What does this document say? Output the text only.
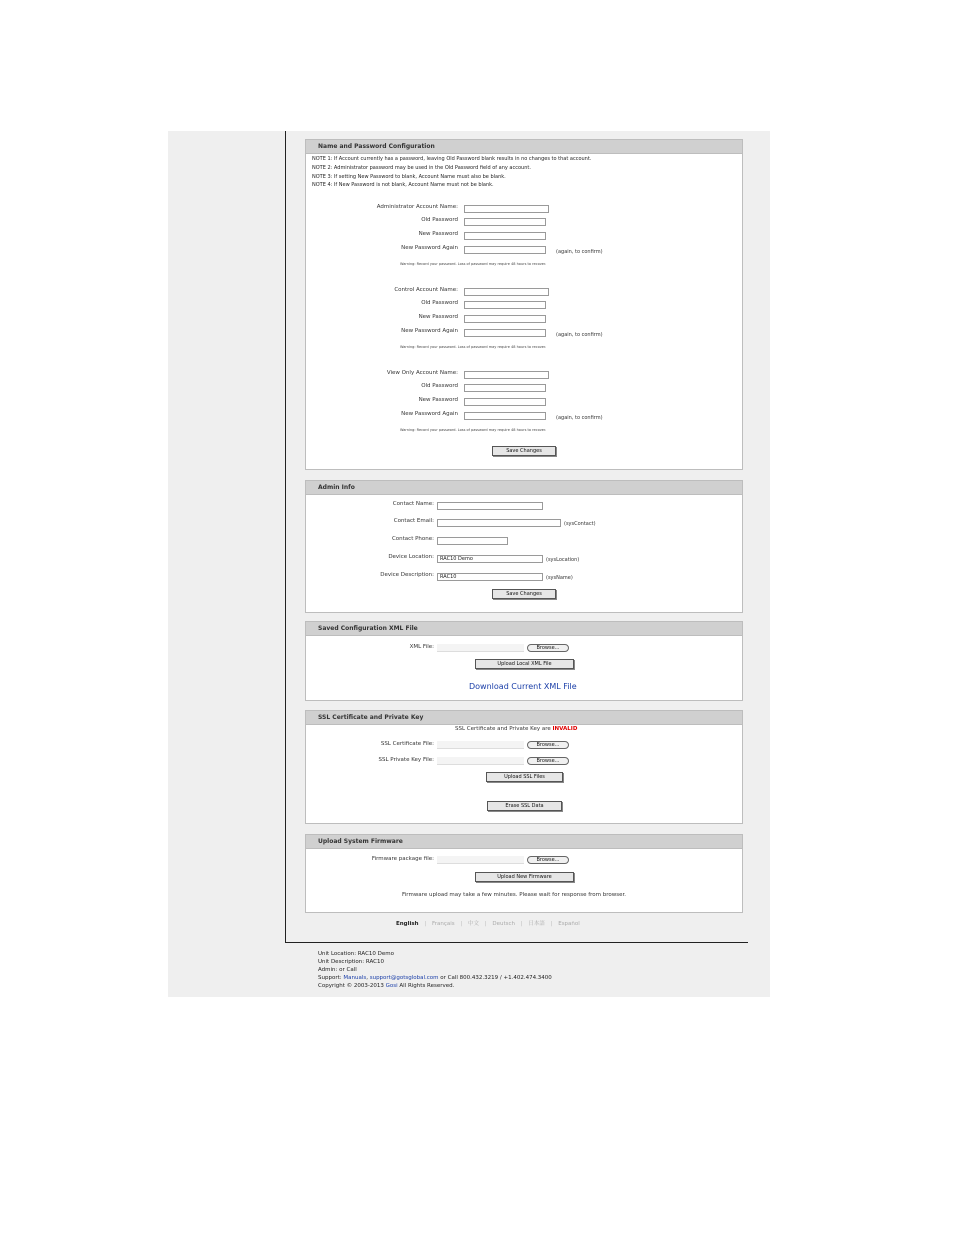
Name and Password Configuration
NOTE 1: If Account currently has a password, leaving Old Password blank results in no changes to that account.
NOTE 2: Administrator password may be used in the Old Password field of any account.
NOTE 3: If setting New Password to blank, Account Name must also be blank.
NOTE 4: If New Password is not blank, Account Name must not be blank.
Administrator Account Name:
Old Password
New Password
New Password Again
(again, to confirm)
Warning: Record your password. Loss of password may require 48 hours to recover.
Control Account Name:
Old Password
New Password
New Password Again
(again, to confirm)
Warning: Record your password. Loss of password may require 48 hours to recover.
View Only Account Name:
Old Password
New Password
New Password Again
(again, to confirm)
Warning: Record your password. Loss of password may require 48 hours to recover.
Save Changes
Admin Info
Contact Name:
Contact Email:	(sysContact)
Contact Phone:
Device Location:	RAC10 Demo	(sysLocation)
Device Description:	RAC10	(sysName)
Save Changes
Saved Configuration XML File
XML File:	Browse...
Upload Local XML File
Download Current XML File
SSL Certificate and Private Key
SSL Certificate and Private Key are INVALID
SSL Certificate File:	Browse...
SSL Private Key File:	Browse...
Upload SSL Files
Erase SSL Data
Upload System Firmware
Firmware package file:	Browse...
Upload New Firmware
Firmware upload may take a few minutes. Please wait for response from browser.
English | Français | 中文 | Deutsch | 日本語 | Español
Unit Location: RAC10 Demo
Unit Description: RAC10
Admin: or Call
Support: Manuals, support@gotsglobal.com or Call 800.432.3219 / +1.402.474.3400
Copyright © 2003-2013 Gosi All Rights Reserved.
